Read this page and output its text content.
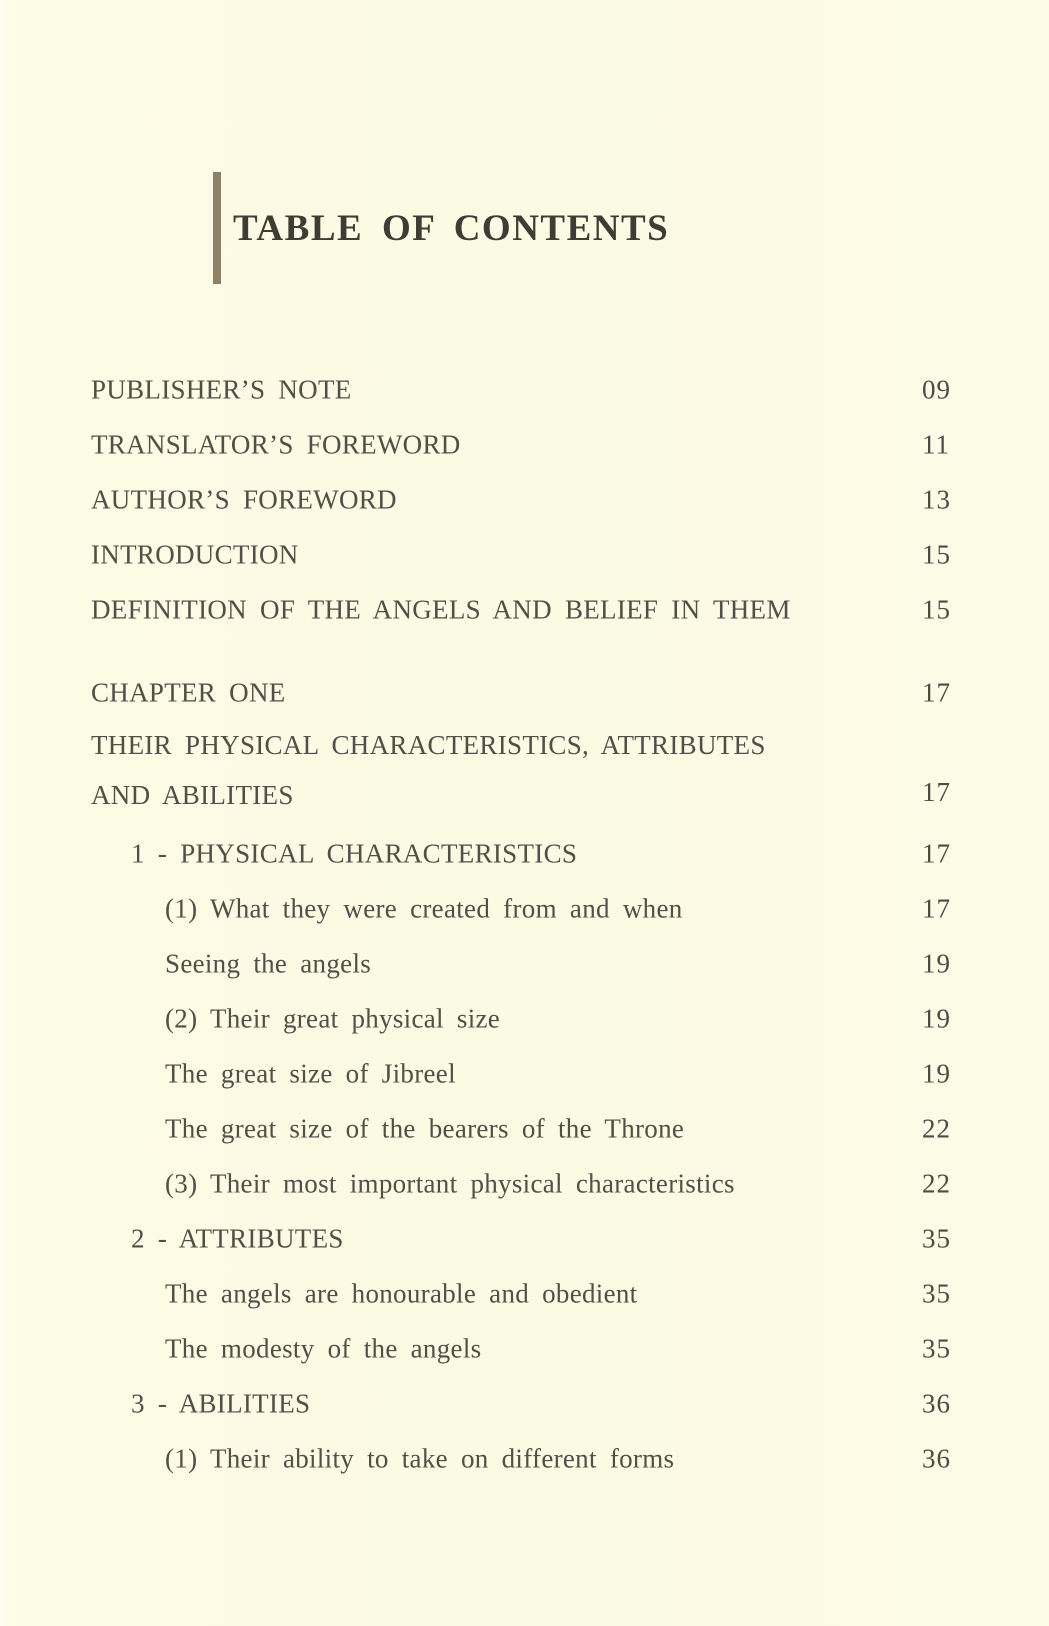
TABLE OF CONTENTS
PUBLISHER’S NOTE	09
TRANSLATOR’S FOREWORD	11
AUTHOR’S FOREWORD	13
INTRODUCTION	15
DEFINITION OF THE ANGELS AND BELIEF IN THEM	15
CHAPTER ONE	17
THEIR PHYSICAL CHARACTERISTICS, ATTRIBUTES
AND ABILITIES	17
1 - PHYSICAL CHARACTERISTICS	17
(1) What they were created from and when	17
Seeing the angels	19
(2) Their great physical size	19
The great size of Jibreel	19
The great size of the bearers of the Throne	22
(3) Their most important physical characteristics	22
2 - ATTRIBUTES	35
The angels are honourable and obedient	35
The modesty of the angels	35
3 - ABILITIES	36
(1) Their ability to take on different forms	36
